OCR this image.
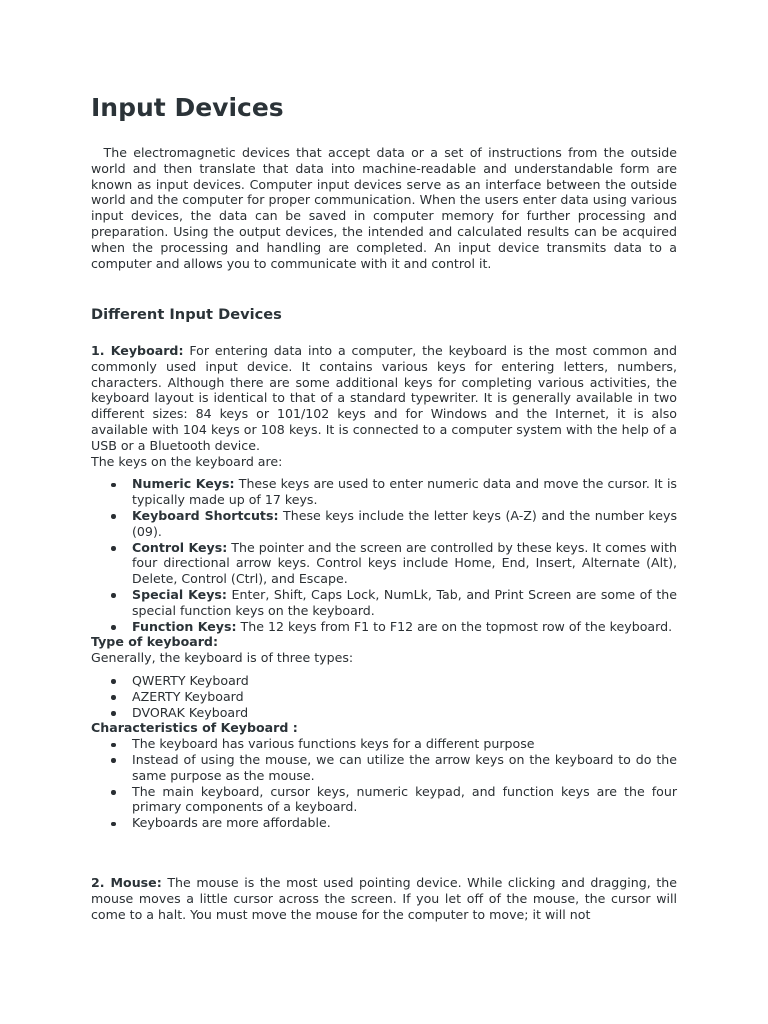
Input Devices

The electromagnetic devices that accept data or a set of instructions from the outside world and then translate that data into machine-readable and understandable form are known as input devices. Computer input devices serve as an interface between the outside world and the computer for proper communication. When the users enter data using various input devices, the data can be saved in computer memory for further processing and preparation. Using the output devices, the intended and calculated results can be acquired when the processing and handling are completed. An input device transmits data to a computer and allows you to communicate with it and control it.

Different Input Devices

1. Keyboard: For entering data into a computer, the keyboard is the most common and commonly used input device. It contains various keys for entering letters, numbers, characters. Although there are some additional keys for completing various activities, the keyboard layout is identical to that of a standard typewriter. It is generally available in two different sizes: 84 keys or 101/102 keys and for Windows and the Internet, it is also available with 104 keys or 108 keys. It is connected to a computer system with the help of a USB or a Bluetooth device.

The keys on the keyboard are:

Numeric Keys: These keys are used to enter numeric data and move the cursor. It is typically made up of 17 keys.
Keyboard Shortcuts: These keys include the letter keys (A-Z) and the number keys (09).
Control Keys: The pointer and the screen are controlled by these keys. It comes with four directional arrow keys. Control keys include Home, End, Insert, Alternate (Alt), Delete, Control (Ctrl), and Escape.
Special Keys: Enter, Shift, Caps Lock, NumLk, Tab, and Print Screen are some of the special function keys on the keyboard.
Function Keys: The 12 keys from F1 to F12 are on the topmost row of the keyboard.

Type of keyboard:

Generally, the keyboard is of three types:

QWERTY Keyboard
AZERTY Keyboard
DVORAK Keyboard

Characteristics of Keyboard :

The keyboard has various functions keys for a different purpose
Instead of using the mouse, we can utilize the arrow keys on the keyboard to do the same purpose as the mouse.
The main keyboard, cursor keys, numeric keypad, and function keys are the four primary components of a keyboard.
Keyboards are more affordable.

2. Mouse: The mouse is the most used pointing device. While clicking and dragging, the mouse moves a little cursor across the screen. If you let off of the mouse, the cursor will come to a halt. You must move the mouse for the computer to move; it will not
